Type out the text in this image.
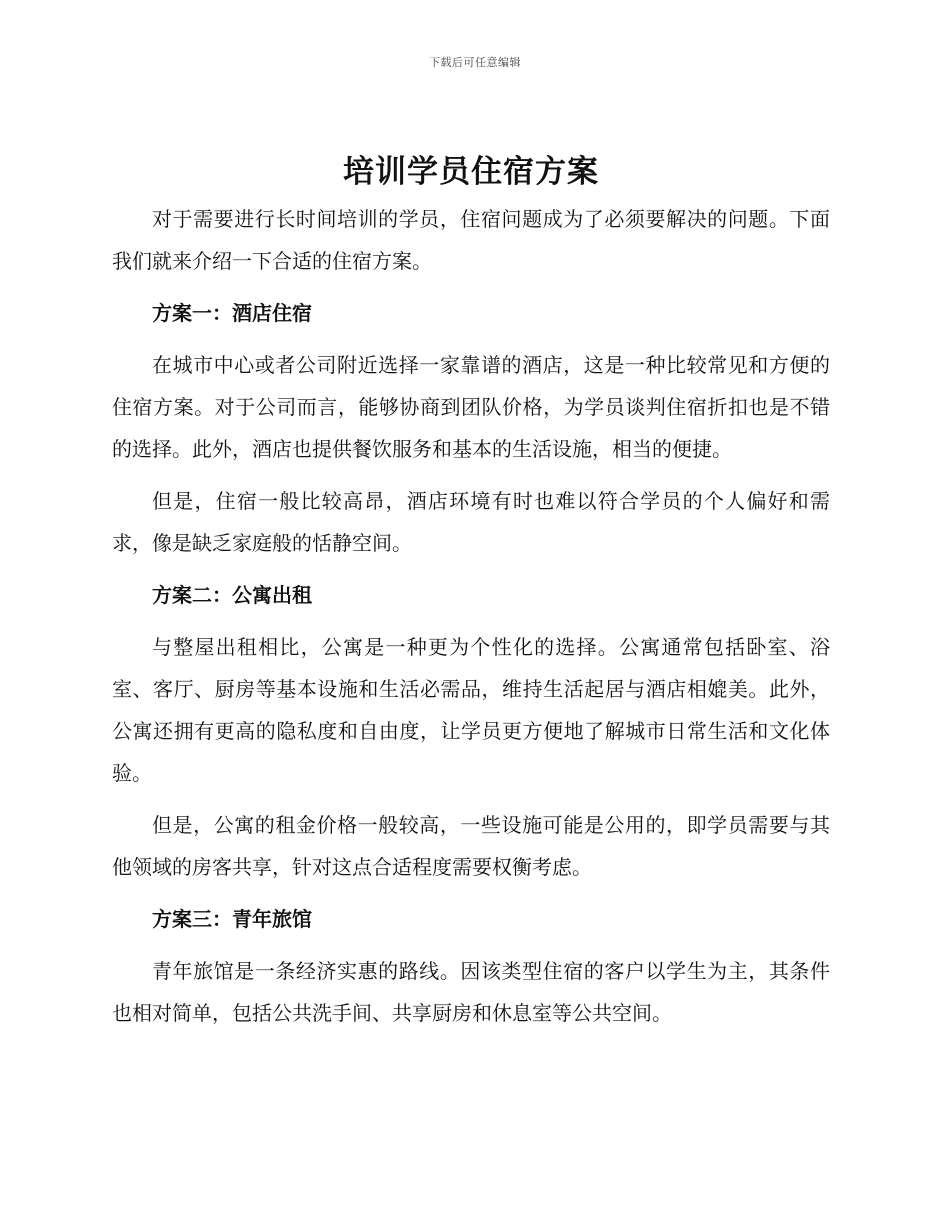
下载后可任意编辑
培训学员住宿方案

对于需要进行长时间培训的学员，住宿问题成为了必须要解决的问题。下面我们就来介绍一下合适的住宿方案。

方案一：酒店住宿

在城市中心或者公司附近选择一家靠谱的酒店，这是一种比较常见和方便的住宿方案。对于公司而言，能够协商到团队价格，为学员谈判住宿折扣也是不错的选择。此外，酒店也提供餐饮服务和基本的生活设施，相当的便捷。

但是，住宿一般比较高昂，酒店环境有时也难以符合学员的个人偏好和需求，像是缺乏家庭般的恬静空间。

方案二：公寓出租

与整屋出租相比，公寓是一种更为个性化的选择。公寓通常包括卧室、浴室、客厅、厨房等基本设施和生活必需品，维持生活起居与酒店相媲美。此外，公寓还拥有更高的隐私度和自由度，让学员更方便地了解城市日常生活和文化体验。

但是，公寓的租金价格一般较高，一些设施可能是公用的，即学员需要与其他领域的房客共享，针对这点合适程度需要权衡考虑。

方案三：青年旅馆

青年旅馆是一条经济实惠的路线。因该类型住宿的客户以学生为主，其条件也相对简单，包括公共洗手间、共享厨房和休息室等公共空间。
